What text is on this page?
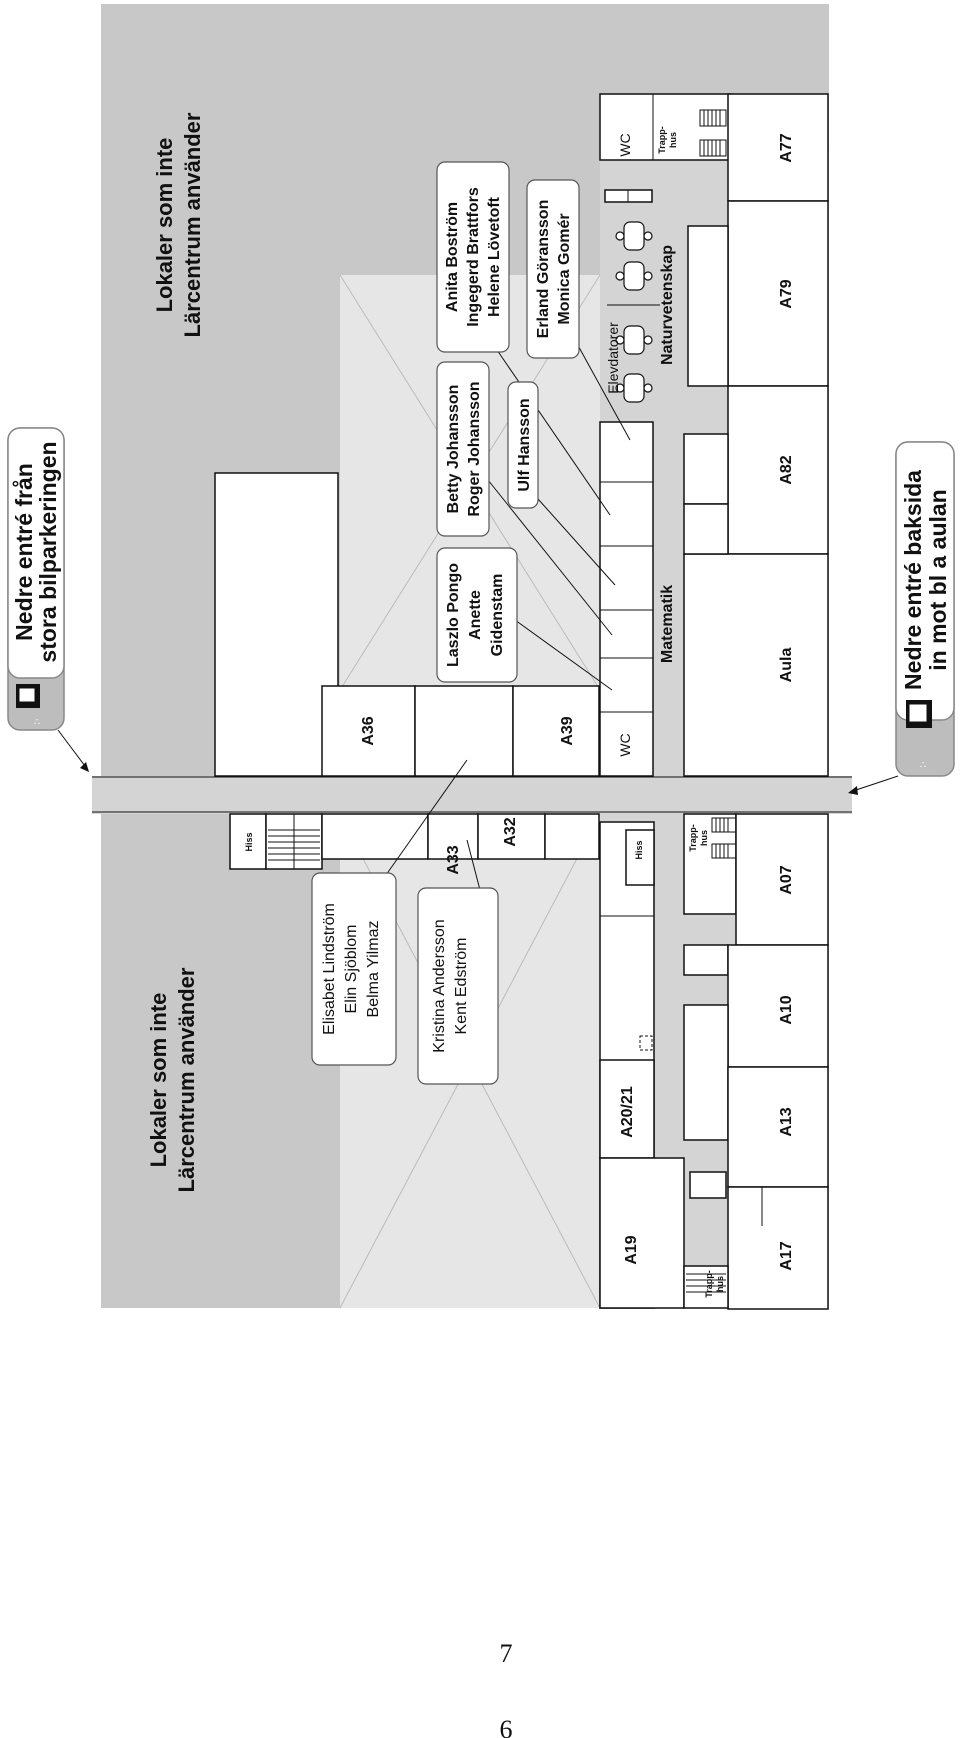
A36	A39	WC
Matematik
WC	Trapp- hus
Elevdatorer Naturvetenskap
A77
A79
A82
Aula
Hiss
A33
A32
Hiss
A20/21
A19
Trapp- hus
A07
A10
A13
A17
Trapp- hus
Lokaler som inte Lärcentrum använder
Lokaler som inte Lärcentrum använder
Anita Boström Ingegerd Brattfors Helene Lövetoft Erland Göransson Monica Gomér
Betty Johansson Roger Johansson Ulf Hansson
Laszlo Pongo Anette Gidenstam
Elisabet Lindström Elin Sjöblom Belma Yilmaz	Kristina Andersson Kent Edström
∴
Nedre entré från
stora bilparkeringen
∴
Nedre entré baksida in mot bl a aulan
7
6
